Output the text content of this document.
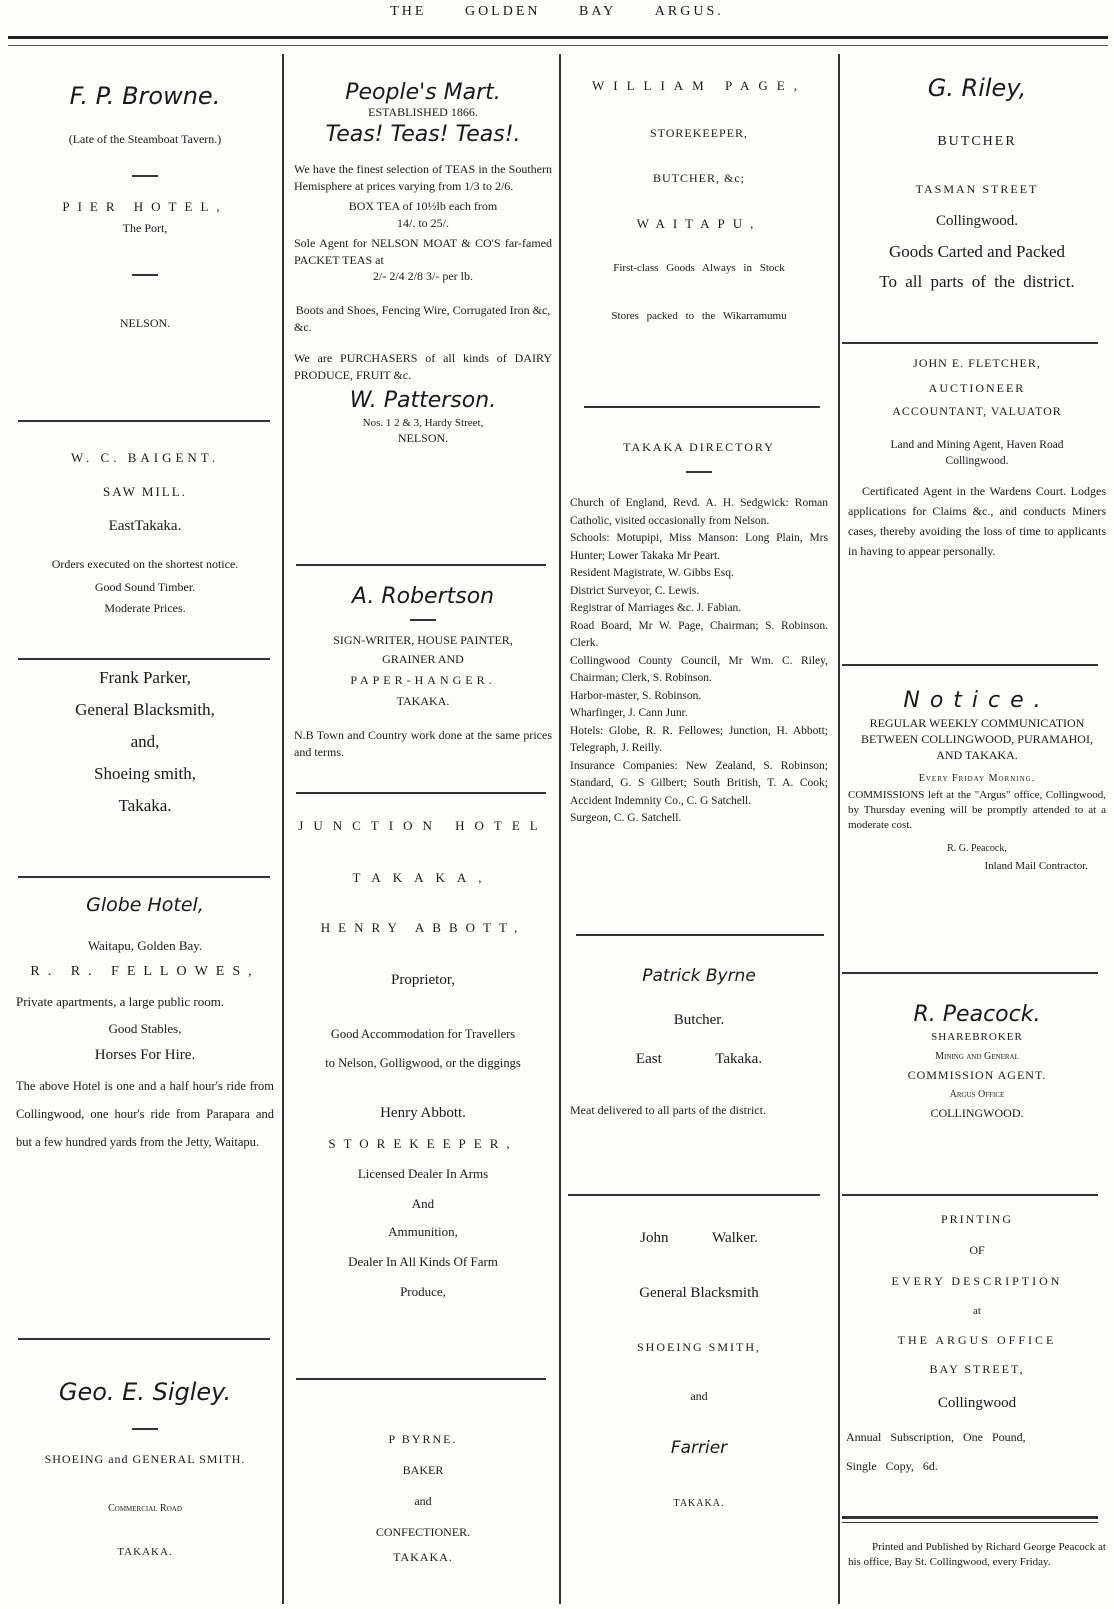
THE	GOLDEN	BAY	ARGUS.

F. P. Browne.

(Late of the Steamboat Tavern.)

PIER HOTEL,

The Port,

NELSON.

W. C. BAIGENT.

SAW MILL.

EastTakaka.

Orders executed on the shortest notice.

Good Sound Timber.

Moderate Prices.

Frank Parker,

General Blacksmith,

and,

Shoeing smith,

Takaka.

Globe Hotel,

Waitapu, Golden Bay.

R. R. FELLOWES,

Private apartments, a large public room.

Good Stables,

Horses For Hire.

The above Hotel is one and a half hour's ride from Collingwood, one hour's ride from Parapara and but a few hundred yards from the Jetty, Waitapu.

Geo. E. Sigley.

SHOEING and GENERAL SMITH.

Commercial Road

TAKAKA.

People's Mart.

ESTABLISHED 1866.

Teas! Teas! Teas!.

We have the finest selection of TEAS in the Southern Hemisphere at prices varying from 1/3 to 2/6.

BOX TEA of 10½lb each from

14/. to 25/.

Sole Agent for NELSON MOAT & CO'S far-famed PACKET TEAS at

2/- 2/4 2/8 3/- per lb.

Boots and Shoes, Fencing Wire, Corrugated Iron &c, &c.

We are PURCHASERS of all kinds of DAIRY PRODUCE, FRUIT &c.

W. Patterson.

Nos. 1 2 & 3, Hardy Street,

NELSON.

A. Robertson

SIGN-WRITER, HOUSE PAINTER,

GRAINER AND

PAPER-HANGER.

TAKAKA.

N.B Town and Country work done at the same prices and terms.

JUNCTION HOTEL

TAKAKA,

HENRY ABBOTT,

Proprietor,

Good Accommodation for Travellers

to Nelson, Golligwood, or the diggings

Henry Abbott.

STOREKEEPER,

Licensed Dealer In Arms

And

Ammunition,

Dealer In All Kinds Of Farm

Produce,

P BYRNE.

BAKER

and

CONFECTIONER.

TAKAKA.

WILLIAM PAGE,

STOREKEEPER,

BUTCHER, &c;

WAITAPU,

First-class Goods Always in Stock

Stores packed to the Wikarramumu

TAKAKA DIRECTORY

Church of England, Revd. A. H. Sedgwick: Roman Catholic, visited occasionally from Nelson.

Schools: Motupipi, Miss Manson: Long Plain, Mrs Hunter; Lower Takaka Mr Peart.

Resident Magistrate, W. Gibbs Esq.

District Surveyor, C. Lewis.

Registrar of Marriages &c. J. Fabian.

Road Board, Mr W. Page, Chairman; S. Robinson. Clerk.

Collingwood County Council, Mr Wm. C. Riley, Chairman; Clerk, S. Robinson.

Harbor-master, S. Robinson.

Wharfinger, J. Cann Junr.

Hotels: Globe, R. R. Fellowes; Junction, H. Abbott; Telegraph, J. Reilly.

Insurance Companies: New Zealand, S. Robinson; Standard, G. S Gilbert; South British, T. A. Cook; Accident Indemnity Co., C. G Satchell.

Surgeon, C. G. Satchell.

Patrick Byrne

Butcher.

East	Takaka.

Meat delivered to all parts of the district.

John	Walker.

General Blacksmith

SHOEING SMITH,

and

Farrier

TAKAKA.

G. Riley,

BUTCHER

TASMAN STREET

Collingwood.

Goods Carted and Packed

To all parts of the district.

JOHN E. FLETCHER,

AUCTIONEER

ACCOUNTANT, VALUATOR

Land and Mining Agent, Haven Road

Collingwood.

Certificated Agent in the Wardens Court. Lodges applications for Claims &c., and conducts Miners cases, thereby avoiding the loss of time to applicants in having to appear personally.

Notice.

REGULAR WEEKLY COMMUNICATION BETWEEN COLLINGWOOD, PURAMAHOI, AND TAKAKA.

Every Friday Morning.

COMMISSIONS left at the "Argus" office, Collingwood, by Thursday evening will be promptly attended to at a moderate cost.

R. G. Peacock,

Inland Mail Contractor.

R. Peacock.

SHAREBROKER

Mining and General

COMMISSION AGENT.

Argus Office

COLLINGWOOD.

PRINTING

OF

EVERY DESCRIPTION

at

THE ARGUS OFFICE

BAY STREET,

Collingwood

Annual Subscription, One Pound,

Single Copy, 6d.

Printed and Published by Richard George Peacock at his office, Bay St. Collingwood, every Friday.
